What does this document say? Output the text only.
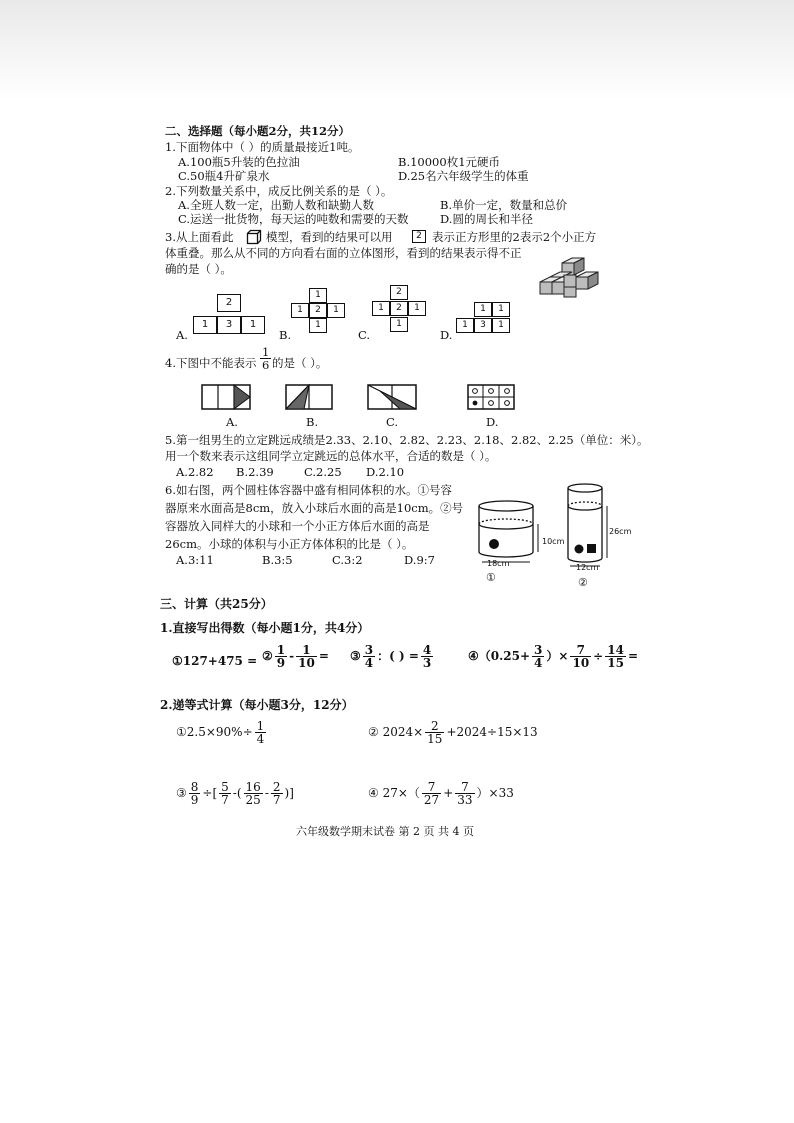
二、选择题（每小题2分，共12分）
1.下面物体中（ ）的质量最接近1吨。
A.100瓶5升装的色拉油	B.10000枚1元硬币
C.50瓶4升矿泉水	D.25名六年级学生的体重
2.下列数量关系中，成反比例关系的是（ ）。
A.全班人数一定，出勤人数和缺勤人数	B.单价一定，数量和总价
C.运送一批货物，每天运的吨数和需要的天数	D.圆的周长和半径
3.从上面看此	模型，看到的结果可以用	2 表示正方形里的2表示2个小正方
体重叠。那么从不同的方向看右面的立体图形，看到的结果表示得不正
确的是（ ）。
A.
2
1	3	1
B.
1
1	2	1
1
C.
2
1	2	1
1
D.
1	1
1	3	1
4.下图中不能表示 $\frac{1}{6}$ 的是（ ）。
A.	B.	C.	D.
5.第一组男生的立定跳远成绩是2.33、2.10、2.82、2.23、2.18、2.82、2.25（单位：米）。
用一个数来表示这组同学立定跳远的总体水平，合适的数是（ ）。
A.2.82 B.2.39	C.2.25 D.2.10
6.如右图，两个圆柱体容器中盛有相同体积的水。①号容
器原来水面高是8cm，放入小球后水面的高是10cm。②号
容器放入同样大的小球和一个小正方体后水面的高是
26cm。小球的体积与小正方体体积的比是（ ）。
A.3:11	B.3:5	C.3:2	D.9:7
10cm
18cm
①
26cm
12cm
②
三、计算（共25分）
1.直接写出得数（每小题1分，共4分）
①127+475 = ② $\frac{1}{9} - \frac{1}{10}$ = ③ $\frac{3}{4}$ ：( ) = $\frac{4}{3}$	④（0.25+ $\frac{3}{4}$ ）× $\frac{7}{10} \div \frac{14}{15}$ =
2.递等式计算（每小题3分，12分）
①2.5×90%÷ $\frac{1}{4}$	② $2024\times \frac{2}{15} +2024\div 15\times 13$
③ $\frac{8}{9}$ ÷[ $\frac{5}{7}$ -( $\frac{16}{25} - \frac{2}{7}$ )]	④ $27\times( \frac{7}{27} + \frac{7}{33} )\times 33$
六年级数学期末试卷 第 2 页 共 4 页
